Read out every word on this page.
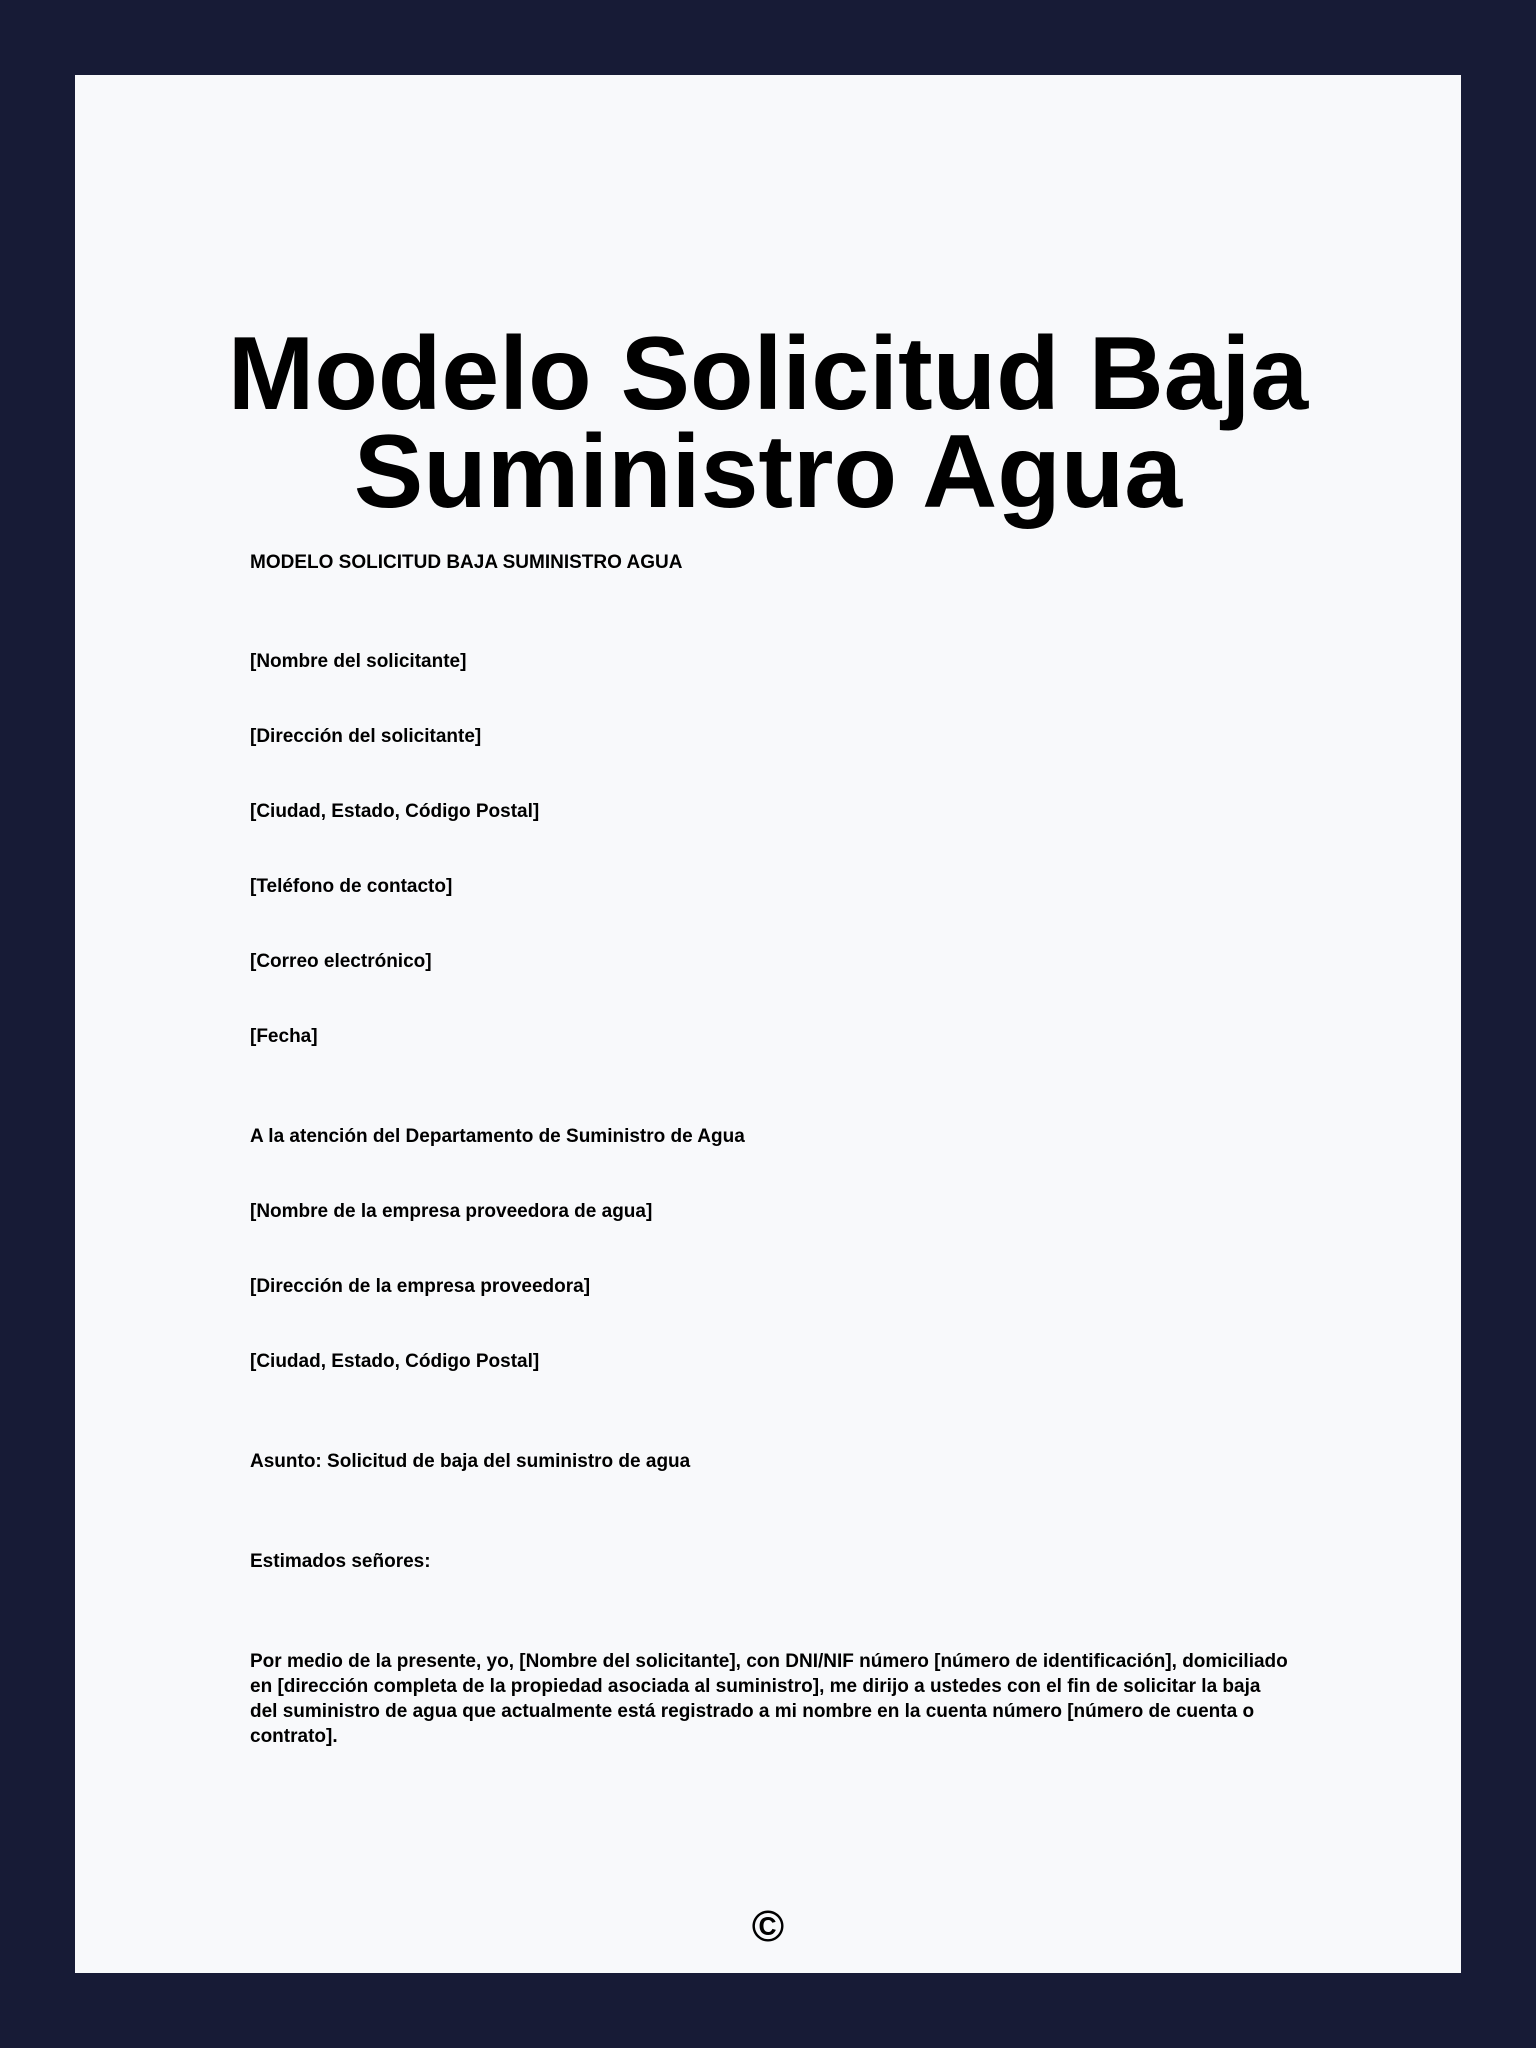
Modelo Solicitud Baja Suministro Agua

MODELO SOLICITUD BAJA SUMINISTRO AGUA

[Nombre del solicitante]

[Dirección del solicitante]

[Ciudad, Estado, Código Postal]

[Teléfono de contacto]

[Correo electrónico]

[Fecha]

A la atención del Departamento de Suministro de Agua

[Nombre de la empresa proveedora de agua]

[Dirección de la empresa proveedora]

[Ciudad, Estado, Código Postal]

Asunto: Solicitud de baja del suministro de agua

Estimados señores:

Por medio de la presente, yo, [Nombre del solicitante], con DNI/NIF número [número de identificación], domiciliado en [dirección completa de la propiedad asociada al suministro], me dirijo a ustedes con el fin de solicitar la baja del suministro de agua que actualmente está registrado a mi nombre en la cuenta número [número de cuenta o contrato].

©
